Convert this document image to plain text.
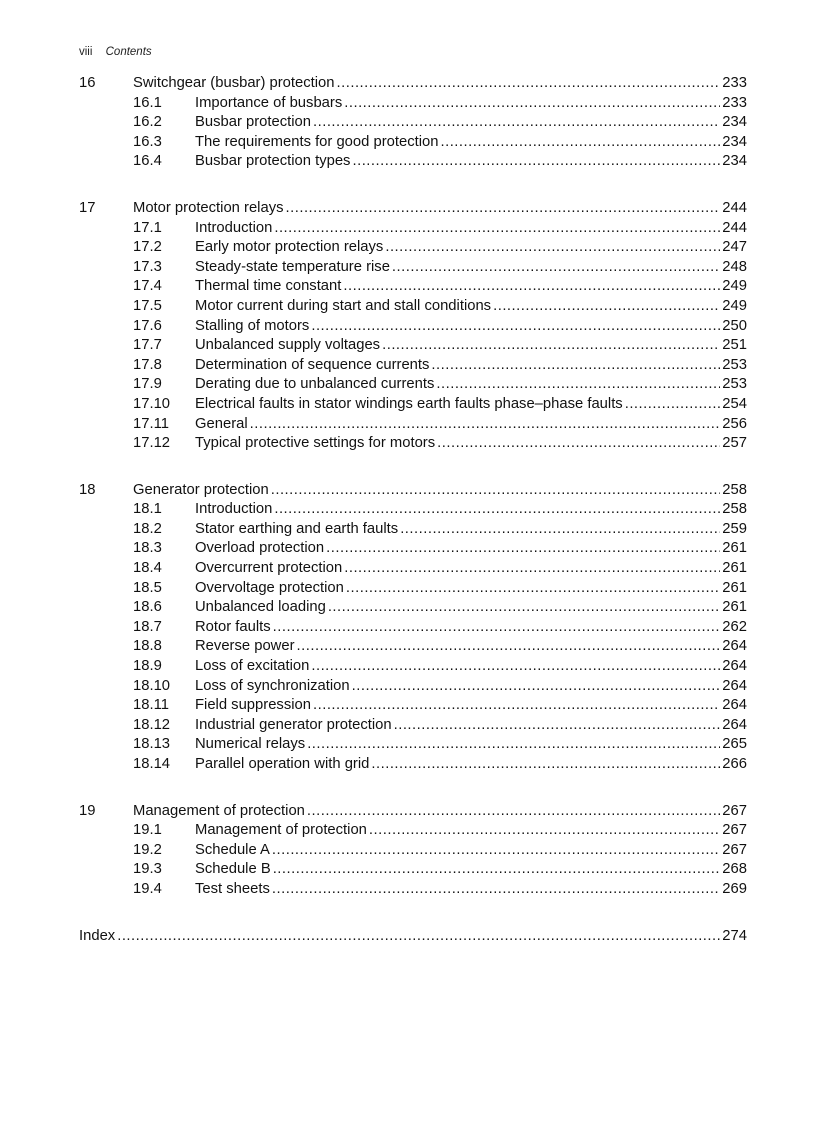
viii Contents
16	Switchgear (busbar) protection .....	233
16.1	Importance of busbars .....	233
16.2	Busbar protection .....	234
16.3	The requirements for good protection .....	234
16.4	Busbar protection types .....	234
17	Motor protection relays .....	244
17.1	Introduction .....	244
17.2	Early motor protection relays .....	247
17.3	Steady-state temperature rise .....	248
17.4	Thermal time constant .....	249
17.5	Motor current during start and stall conditions .....	249
17.6	Stalling of motors .....	250
17.7	Unbalanced supply voltages .....	251
17.8	Determination of sequence currents .....	253
17.9	Derating due to unbalanced currents .....	253
17.10	Electrical faults in stator windings earth faults phase–phase faults .....	254
17.11	General .....	256
17.12	Typical protective settings for motors .....	257
18	Generator protection .....	258
18.1	Introduction .....	258
18.2	Stator earthing and earth faults .....	259
18.3	Overload protection .....	261
18.4	Overcurrent protection .....	261
18.5	Overvoltage protection .....	261
18.6	Unbalanced loading .....	261
18.7	Rotor faults .....	262
18.8	Reverse power .....	264
18.9	Loss of excitation .....	264
18.10	Loss of synchronization .....	264
18.11	Field suppression .....	264
18.12	Industrial generator protection .....	264
18.13	Numerical relays .....	265
18.14	Parallel operation with grid .....	266
19	Management of protection .....	267
19.1	Management of protection .....	267
19.2	Schedule A .....	267
19.3	Schedule B .....	268
19.4	Test sheets .....	269
Index .....	274
